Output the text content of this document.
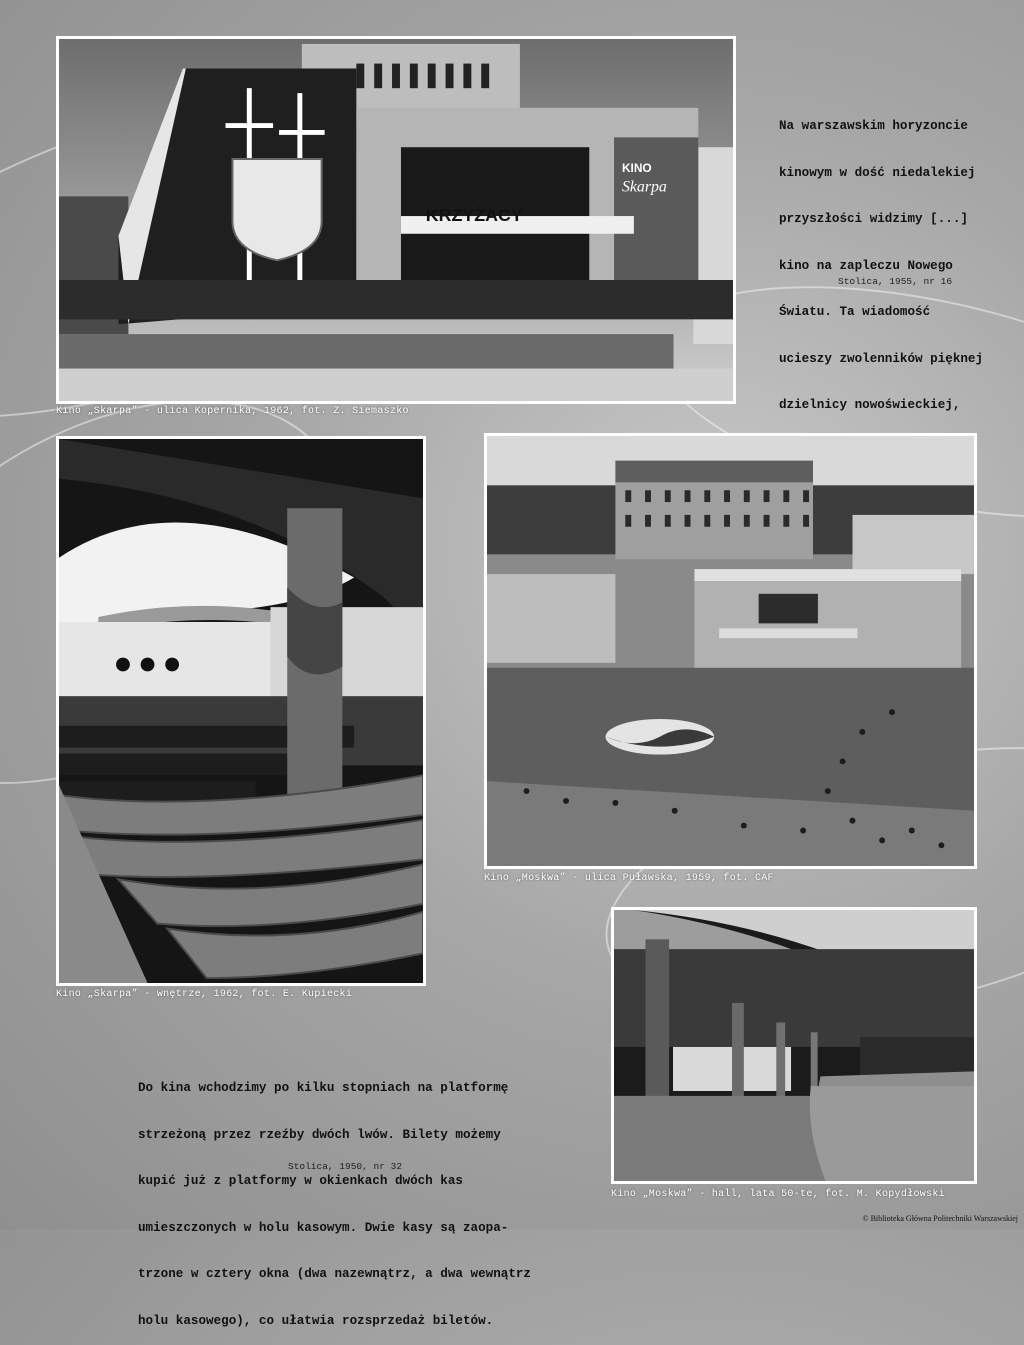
KINO
Skarpa
KRZYŻACY
Kino „Skarpa” - ulica Kopernika, 1962, fot. Z. Siemaszko

Na warszawskim horyzoncie

kinowym w dość niedalekiej

przyszłości widzimy [...]

kino na zapleczu Nowego

Światu. Ta wiadomość

ucieszy zwolenników pięknej

dzielnicy nowoświeckiej,

Stolica, 1955, nr 16
Kino „Skarpa” - wnętrze, 1962, fot. E. Kupiecki
Kino „Moskwa” - ulica Puławska, 1959, fot. CAF

Do kina wchodzimy po kilku stopniach na platformę

strzeżoną przez rzeźby dwóch lwów. Bilety możemy

kupić już z platformy w okienkach dwóch kas

umieszczonych w holu kasowym. Dwie kasy są zaopa-

trzone w cztery okna (dwa nazewnątrz, a dwa wewnątrz

holu kasowego), co ułatwia rozsprzedaż biletów.

Stolica, 1950, nr 32
Kino „Moskwa” - hall, lata 50-te, fot. M. Kopydłowski
© Biblioteka Główna Politechniki Warszawskiej
